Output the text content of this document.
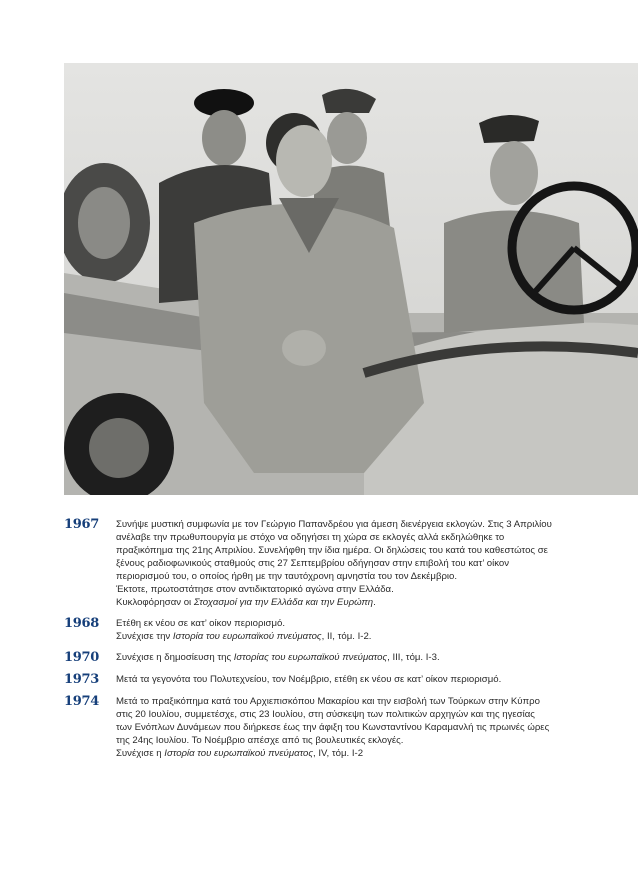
1967	Συνήψε μυστική συμφωνία με τον Γεώργιο Παπανδρέου για άμεση διενέργεια εκλογών. Στις 3 Απριλίου
ανέλαβε την πρωθυπουργία με στόχο να οδηγήσει τη χώρα σε εκλογές αλλά εκδηλώθηκε το
πραξικόπημα της 21ης Απριλίου. Συνελήφθη την ίδια ημέρα. Οι δηλώσεις του κατά του καθεστώτος σε
ξένους ραδιοφωνικούς σταθμούς στις 27 Σεπτεμβρίου οδήγησαν στην επιβολή του κατ’ οίκον
περιορισμού του, ο οποίος ήρθη με την ταυτόχρονη αμνηστία του τον Δεκέμβριο.
Έκτοτε, πρωτοστάτησε στον αντιδικτατορικό αγώνα στην Ελλάδα.
Κυκλοφόρησαν οι Στοχασμοί για την Ελλάδα και την Ευρώπη.
1968	Ετέθη εκ νέου σε κατ’ οίκον περιορισμό.
Συνέχισε την Ιστορία του ευρωπαϊκού πνεύματος, ΙΙ, τόμ. Ι-2.
1970	Συνέχισε η δημοσίευση της Ιστορίας του ευρωπαϊκού πνεύματος, ΙΙΙ, τόμ. Ι-3.
1973	Μετά τα γεγονότα του Πολυτεχνείου, τον Νοέμβριο, ετέθη εκ νέου σε κατ’ οίκον περιορισμό.
1974	Μετά το πραξικόπημα κατά του Αρχιεπισκόπου Μακαρίου και την εισβολή των Τούρκων στην Κύπρο
στις 20 Ιουλίου, συμμετέσχε, στις 23 Ιουλίου, στη σύσκεψη των πολιτικών αρχηγών και της ηγεσίας
των Ενόπλων Δυνάμεων που διήρκεσε έως την άφιξη του Κωνσταντίνου Καραμανλή τις πρωινές ώρες
της 24ης Ιουλίου. Το Νοέμβριο απέσχε από τις βουλευτικές εκλογές.
Συνέχισε η Ιστορία του ευρωπαϊκού πνεύματος, IV, τόμ. Ι-2
